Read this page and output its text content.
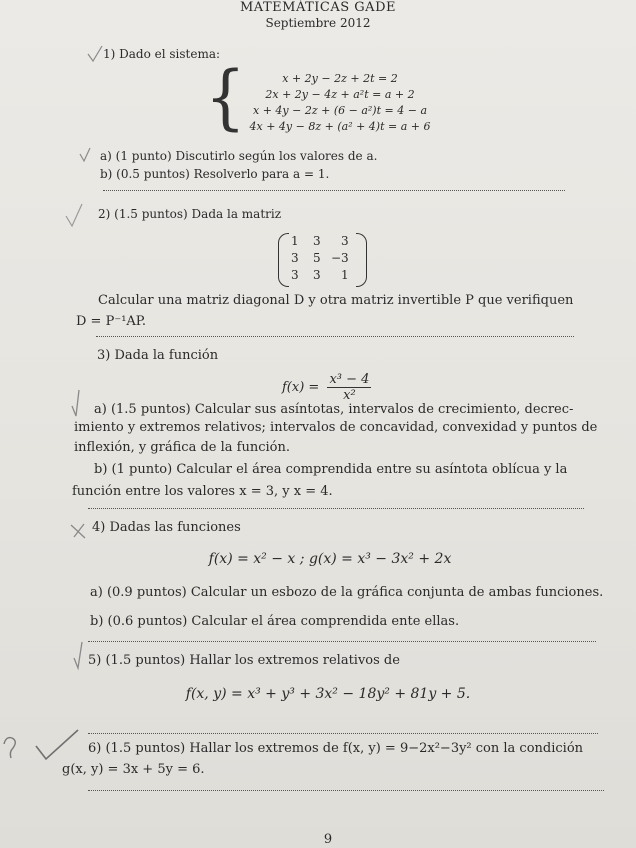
MATEMÁTICAS GADE
Septiembre 2012
1) Dado el sistema:
{	x + 2y − 2z + 2t = 2
2x + 2y − 4z + a²t = a + 2
x + 4y − 2z + (6 − a²)t = 4 − a
4x + 4y − 8z + (a² + 4)t = a + 6
a) (1 punto) Discutirlo según los valores de a.
b) (0.5 puntos) Resolverlo para a = 1.
2) (1.5 puntos) Dada la matriz
1 3 3
3 5 −3
3 3 1
Calcular una matriz diagonal D y otra matriz invertible P que verifiquen
D = P⁻¹AP.
3) Dada la función
$f(x) = \frac{\text{x³ − 4}}{\text{x²}}$
a) (1.5 puntos) Calcular sus asíntotas, intervalos de crecimiento, decrec-
imiento y extremos relativos; intervalos de concavidad, convexidad y puntos de
inflexión, y gráfica de la función.
b) (1 punto) Calcular el área comprendida entre su asíntota oblícua y la
función entre los valores x = 3, y x = 4.
4) Dadas las funciones
f(x) = x² − x ; g(x) = x³ − 3x² + 2x
a) (0.9 puntos) Calcular un esbozo de la gráfica conjunta de ambas funciones.
b) (0.6 puntos) Calcular el área comprendida ente ellas.
5) (1.5 puntos) Hallar los extremos relativos de
f(x, y) = x³ + y³ + 3x² − 18y² + 81y + 5.
6) (1.5 puntos) Hallar los extremos de f(x, y) = 9−2x²−3y² con la condición
g(x, y) = 3x + 5y = 6.
9
